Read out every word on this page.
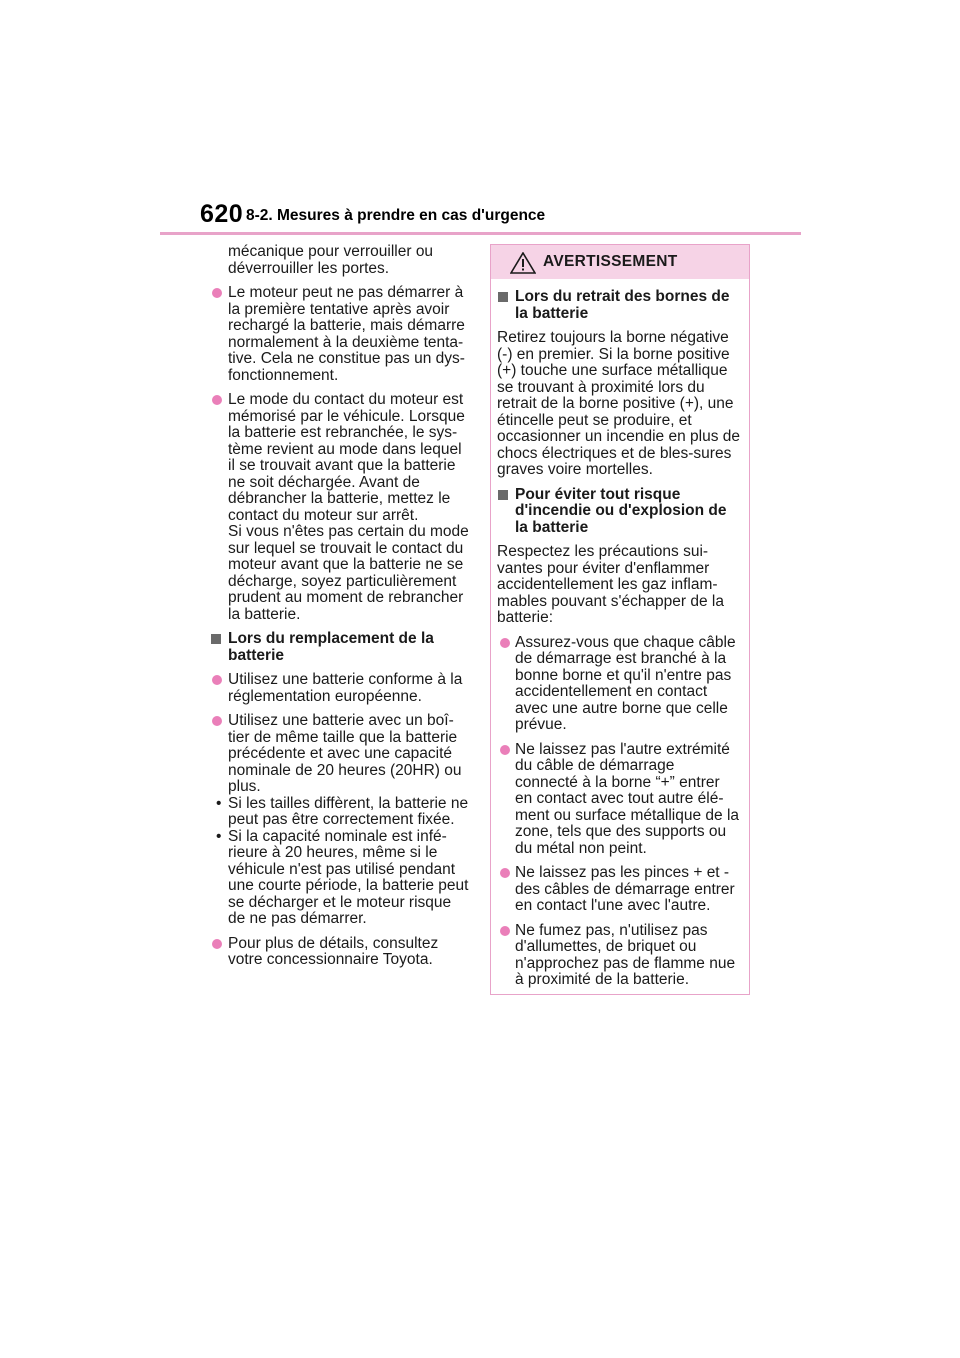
620 8-2. Mesures à prendre en cas d'urgence

mécanique pour verrouiller ou déverrouiller les portes.

Le moteur peut ne pas démarrer à la première tentative après avoir rechargé la batterie, mais démarre normalement à la deuxième tenta-tive. Cela ne constitue pas un dys-fonctionnement.
Le mode du contact du moteur est mémorisé par le véhicule. Lorsque la batterie est rebranchée, le sys-tème revient au mode dans lequel il se trouvait avant que la batterie ne soit déchargée. Avant de débrancher la batterie, mettez le contact du moteur sur arrêt.
Si vous n'êtes pas certain du mode sur lequel se trouvait le contact du moteur avant que la batterie ne se décharge, soyez particulièrement prudent au moment de rebrancher la batterie.
Lors du remplacement de la batterie
Utilisez une batterie conforme à la réglementation européenne.
Utilisez une batterie avec un boî-tier de même taille que la batterie précédente et avec une capacité nominale de 20 heures (20HR) ou plus.
• Si les tailles diffèrent, la batterie ne peut pas être correctement fixée.
• Si la capacité nominale est infé-rieure à 20 heures, même si le véhicule n'est pas utilisé pendant une courte période, la batterie peut se décharger et le moteur risque de ne pas démarrer.
Pour plus de détails, consultez votre concessionnaire Toyota.
AVERTISSEMENT
Lors du retrait des bornes de la batterie

Retirez toujours la borne négative (-) en premier. Si la borne positive (+) touche une surface métallique se trouvant à proximité lors du retrait de la borne positive (+), une étincelle peut se produire, et occasionner un incendie en plus de chocs électriques et de bles-sures graves voire mortelles.

Pour éviter tout risque d'incendie ou d'explosion de la batterie

Respectez les précautions sui-vantes pour éviter d'enflammer accidentellement les gaz inflam-mables pouvant s'échapper de la batterie:

Assurez-vous que chaque câble de démarrage est branché à la bonne borne et qu'il n'entre pas accidentellement en contact avec une autre borne que celle prévue.
Ne laissez pas l'autre extrémité du câble de démarrage connecté à la borne “+” entrer en contact avec tout autre élé-ment ou surface métallique de la zone, tels que des supports ou du métal non peint.
Ne laissez pas les pinces + et - des câbles de démarrage entrer en contact l'une avec l'autre.
Ne fumez pas, n'utilisez pas d'allumettes, de briquet ou n'approchez pas de flamme nue à proximité de la batterie.
